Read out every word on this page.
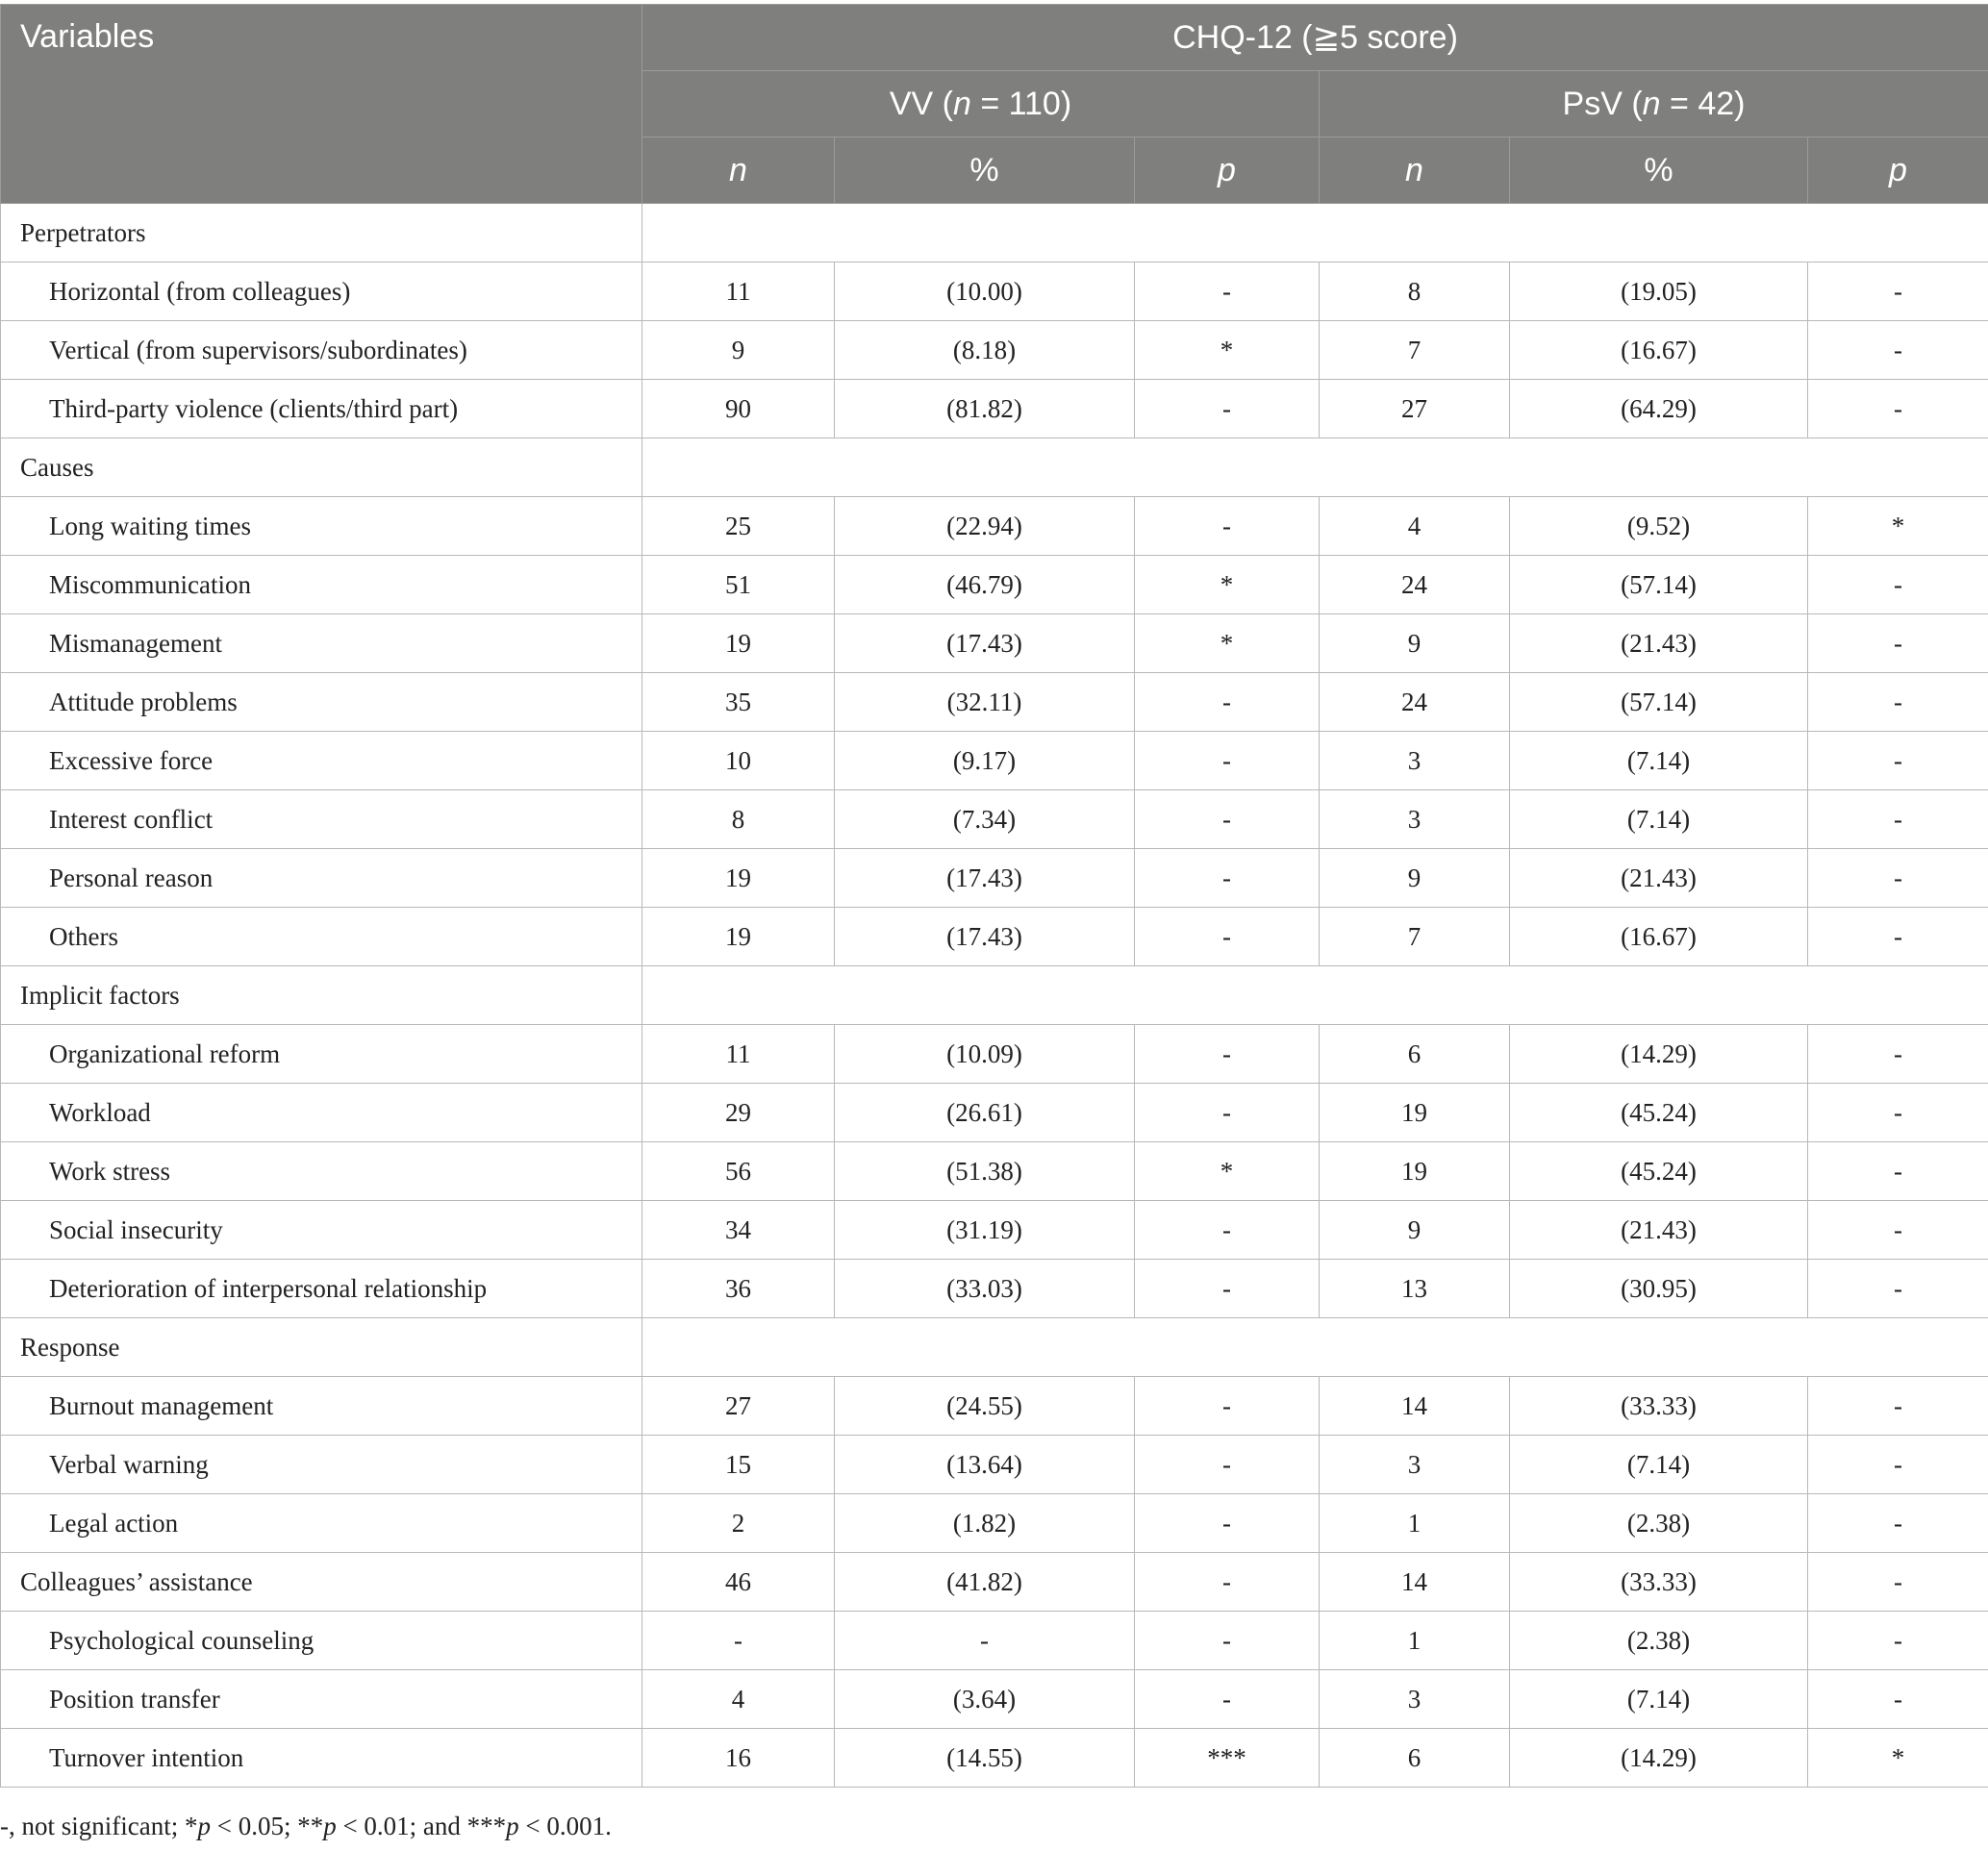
Variables	CHQ-12 (≧5 score)					
	VV (n = 110)			PsV (n = 42)		
	n	%	p	n	%	p
Perpetrators						
Horizontal (from colleagues)	11	(10.00)	-	8	(19.05)	-
Vertical (from supervisors/subordinates)	9	(8.18)	*	7	(16.67)	-
Third-party violence (clients/third part)	90	(81.82)	-	27	(64.29)	-
Causes						
Long waiting times	25	(22.94)	-	4	(9.52)	*
Miscommunication	51	(46.79)	*	24	(57.14)	-
Mismanagement	19	(17.43)	*	9	(21.43)	-
Attitude problems	35	(32.11)	-	24	(57.14)	-
Excessive force	10	(9.17)	-	3	(7.14)	-
Interest conflict	8	(7.34)	-	3	(7.14)	-
Personal reason	19	(17.43)	-	9	(21.43)	-
Others	19	(17.43)	-	7	(16.67)	-
Implicit factors						
Organizational reform	11	(10.09)	-	6	(14.29)	-
Workload	29	(26.61)	-	19	(45.24)	-
Work stress	56	(51.38)	*	19	(45.24)	-
Social insecurity	34	(31.19)	-	9	(21.43)	-
Deterioration of interpersonal relationship	36	(33.03)	-	13	(30.95)	-
Response						
Burnout management	27	(24.55)	-	14	(33.33)	-
Verbal warning	15	(13.64)	-	3	(7.14)	-
Legal action	2	(1.82)	-	1	(2.38)	-
Colleagues’ assistance	46	(41.82)	-	14	(33.33)	-
Psychological counseling	-	-	-	1	(2.38)	-
Position transfer	4	(3.64)	-	3	(7.14)	-
Turnover intention	16	(14.55)	***	6	(14.29)	*
-, not significant; *p < 0.05; **p < 0.01; and ***p < 0.001.
